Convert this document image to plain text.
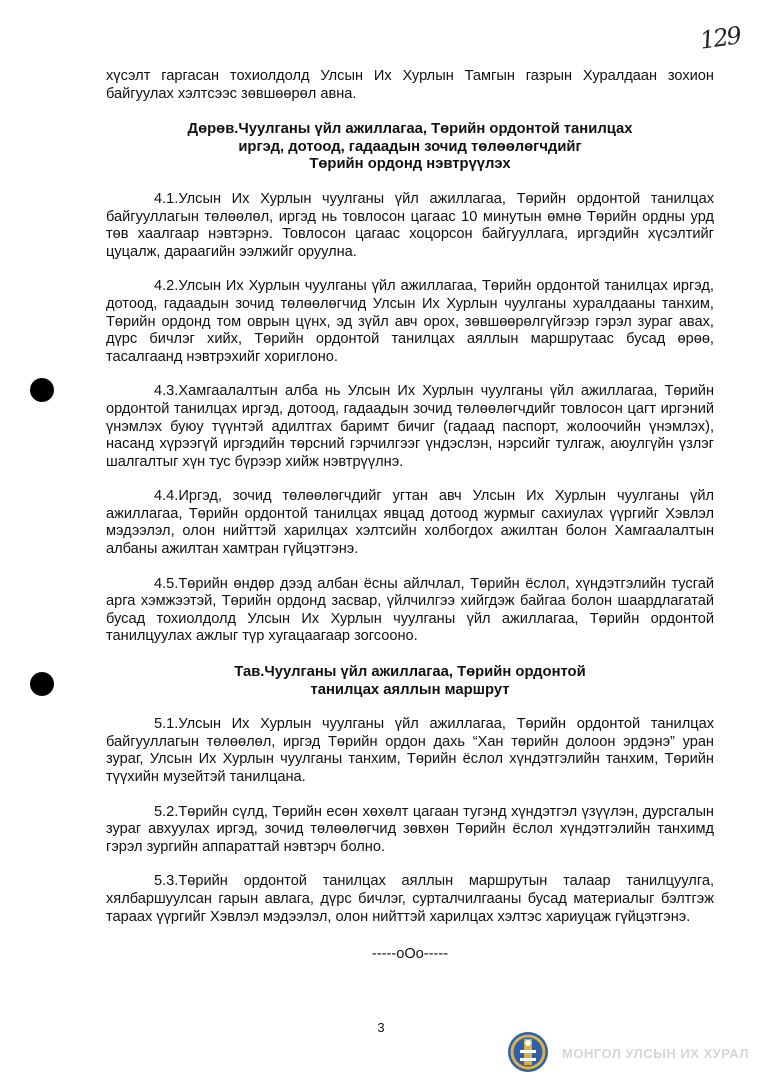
129

хүсэлт гаргасан тохиолдолд Улсын Их Хурлын Тамгын газрын Хуралдаан зохион байгуулах хэлтсээс зөвшөөрөл авна.

Дөрөв.Чуулганы үйл ажиллагаа, Төрийн ордонтой танилцах
иргэд, дотоод, гадаадын зочид төлөөлөгчдийг
Төрийн ордонд нэвтрүүлэх

4.1.Улсын Их Хурлын чуулганы үйл ажиллагаа, Төрийн ордонтой танилцах байгууллагын төлөөлөл, иргэд нь товлосон цагаас 10 минутын өмнө Төрийн ордны урд төв хаалгаар нэвтэрнэ. Товлосон цагаас хоцорсон байгууллага, иргэдийн хүсэлтийг цуцалж, дараагийн ээлжийг оруулна.

4.2.Улсын Их Хурлын чуулганы үйл ажиллагаа, Төрийн ордонтой танилцах иргэд, дотоод, гадаадын зочид төлөөлөгчид Улсын Их Хурлын чуулганы хуралдааны танхим, Төрийн ордонд том оврын цүнх, эд зүйл авч орох, зөвшөөрөлгүйгээр гэрэл зураг авах, дүрс бичлэг хийх, Төрийн ордонтой танилцах аяллын маршрутаас бусад өрөө, тасалгаанд нэвтрэхийг хориглоно.

4.3.Хамгаалалтын алба нь Улсын Их Хурлын чуулганы үйл ажиллагаа, Төрийн ордонтой танилцах иргэд, дотоод, гадаадын зочид төлөөлөгчдийг товлосон цагт иргэний үнэмлэх буюу түүнтэй адилтгах баримт бичиг (гадаад паспорт, жолоочийн үнэмлэх), насанд хүрээгүй иргэдийн төрсний гэрчилгээг үндэслэн, нэрсийг тулгаж, аюулгүйн үзлэг шалгалтыг хүн тус бүрээр хийж нэвтрүүлнэ.

4.4.Иргэд, зочид төлөөлөгчдийг угтан авч Улсын Их Хурлын чуулганы үйл ажиллагаа, Төрийн ордонтой танилцах явцад дотоод журмыг сахиулах үүргийг Хэвлэл мэдээлэл, олон нийттэй харилцах хэлтсийн холбогдох ажилтан болон Хамгаалалтын албаны ажилтан хамтран гүйцэтгэнэ.

4.5.Төрийн өндөр дээд албан ёсны айлчлал, Төрийн ёслол, хүндэтгэлийн тусгай арга хэмжээтэй, Төрийн ордонд засвар, үйлчилгээ хийгдэж байгаа болон шаардлагатай бусад тохиолдолд Улсын Их Хурлын чуулганы үйл ажиллагаа, Төрийн ордонтой танилцуулах ажлыг түр хугацаагаар зогсооно.

Тав.Чуулганы үйл ажиллагаа, Төрийн ордонтой
танилцах аяллын маршрут

5.1.Улсын Их Хурлын чуулганы үйл ажиллагаа, Төрийн ордонтой танилцах байгууллагын төлөөлөл, иргэд Төрийн ордон дахь “Хан төрийн долоон эрдэнэ” уран зураг, Улсын Их Хурлын чуулганы танхим, Төрийн ёслол хүндэтгэлийн танхим, Төрийн түүхийн музейтэй танилцана.

5.2.Төрийн сүлд, Төрийн есөн хөхөлт цагаан тугэнд хүндэтгэл үзүүлэн, дурсгалын зураг авхуулах иргэд, зочид төлөөлөгчид зөвхөн Төрийн ёслол хүндэтгэлийн танхимд гэрэл зургийн аппараттай нэвтэрч болно.

5.3.Төрийн ордонтой танилцах аяллын маршрутын талаар танилцуулга, хялбаршуулсан гарын авлага, дүрс бичлэг, сурталчилгааны бусад материалыг бэлтгэж тараах үүргийг Хэвлэл мэдээлэл, олон нийттэй харилцах хэлтэс хариуцаж гүйцэтгэнэ.

-----oOo-----
3
МОНГОЛ УЛСЫН ИХ ХУРАЛ
